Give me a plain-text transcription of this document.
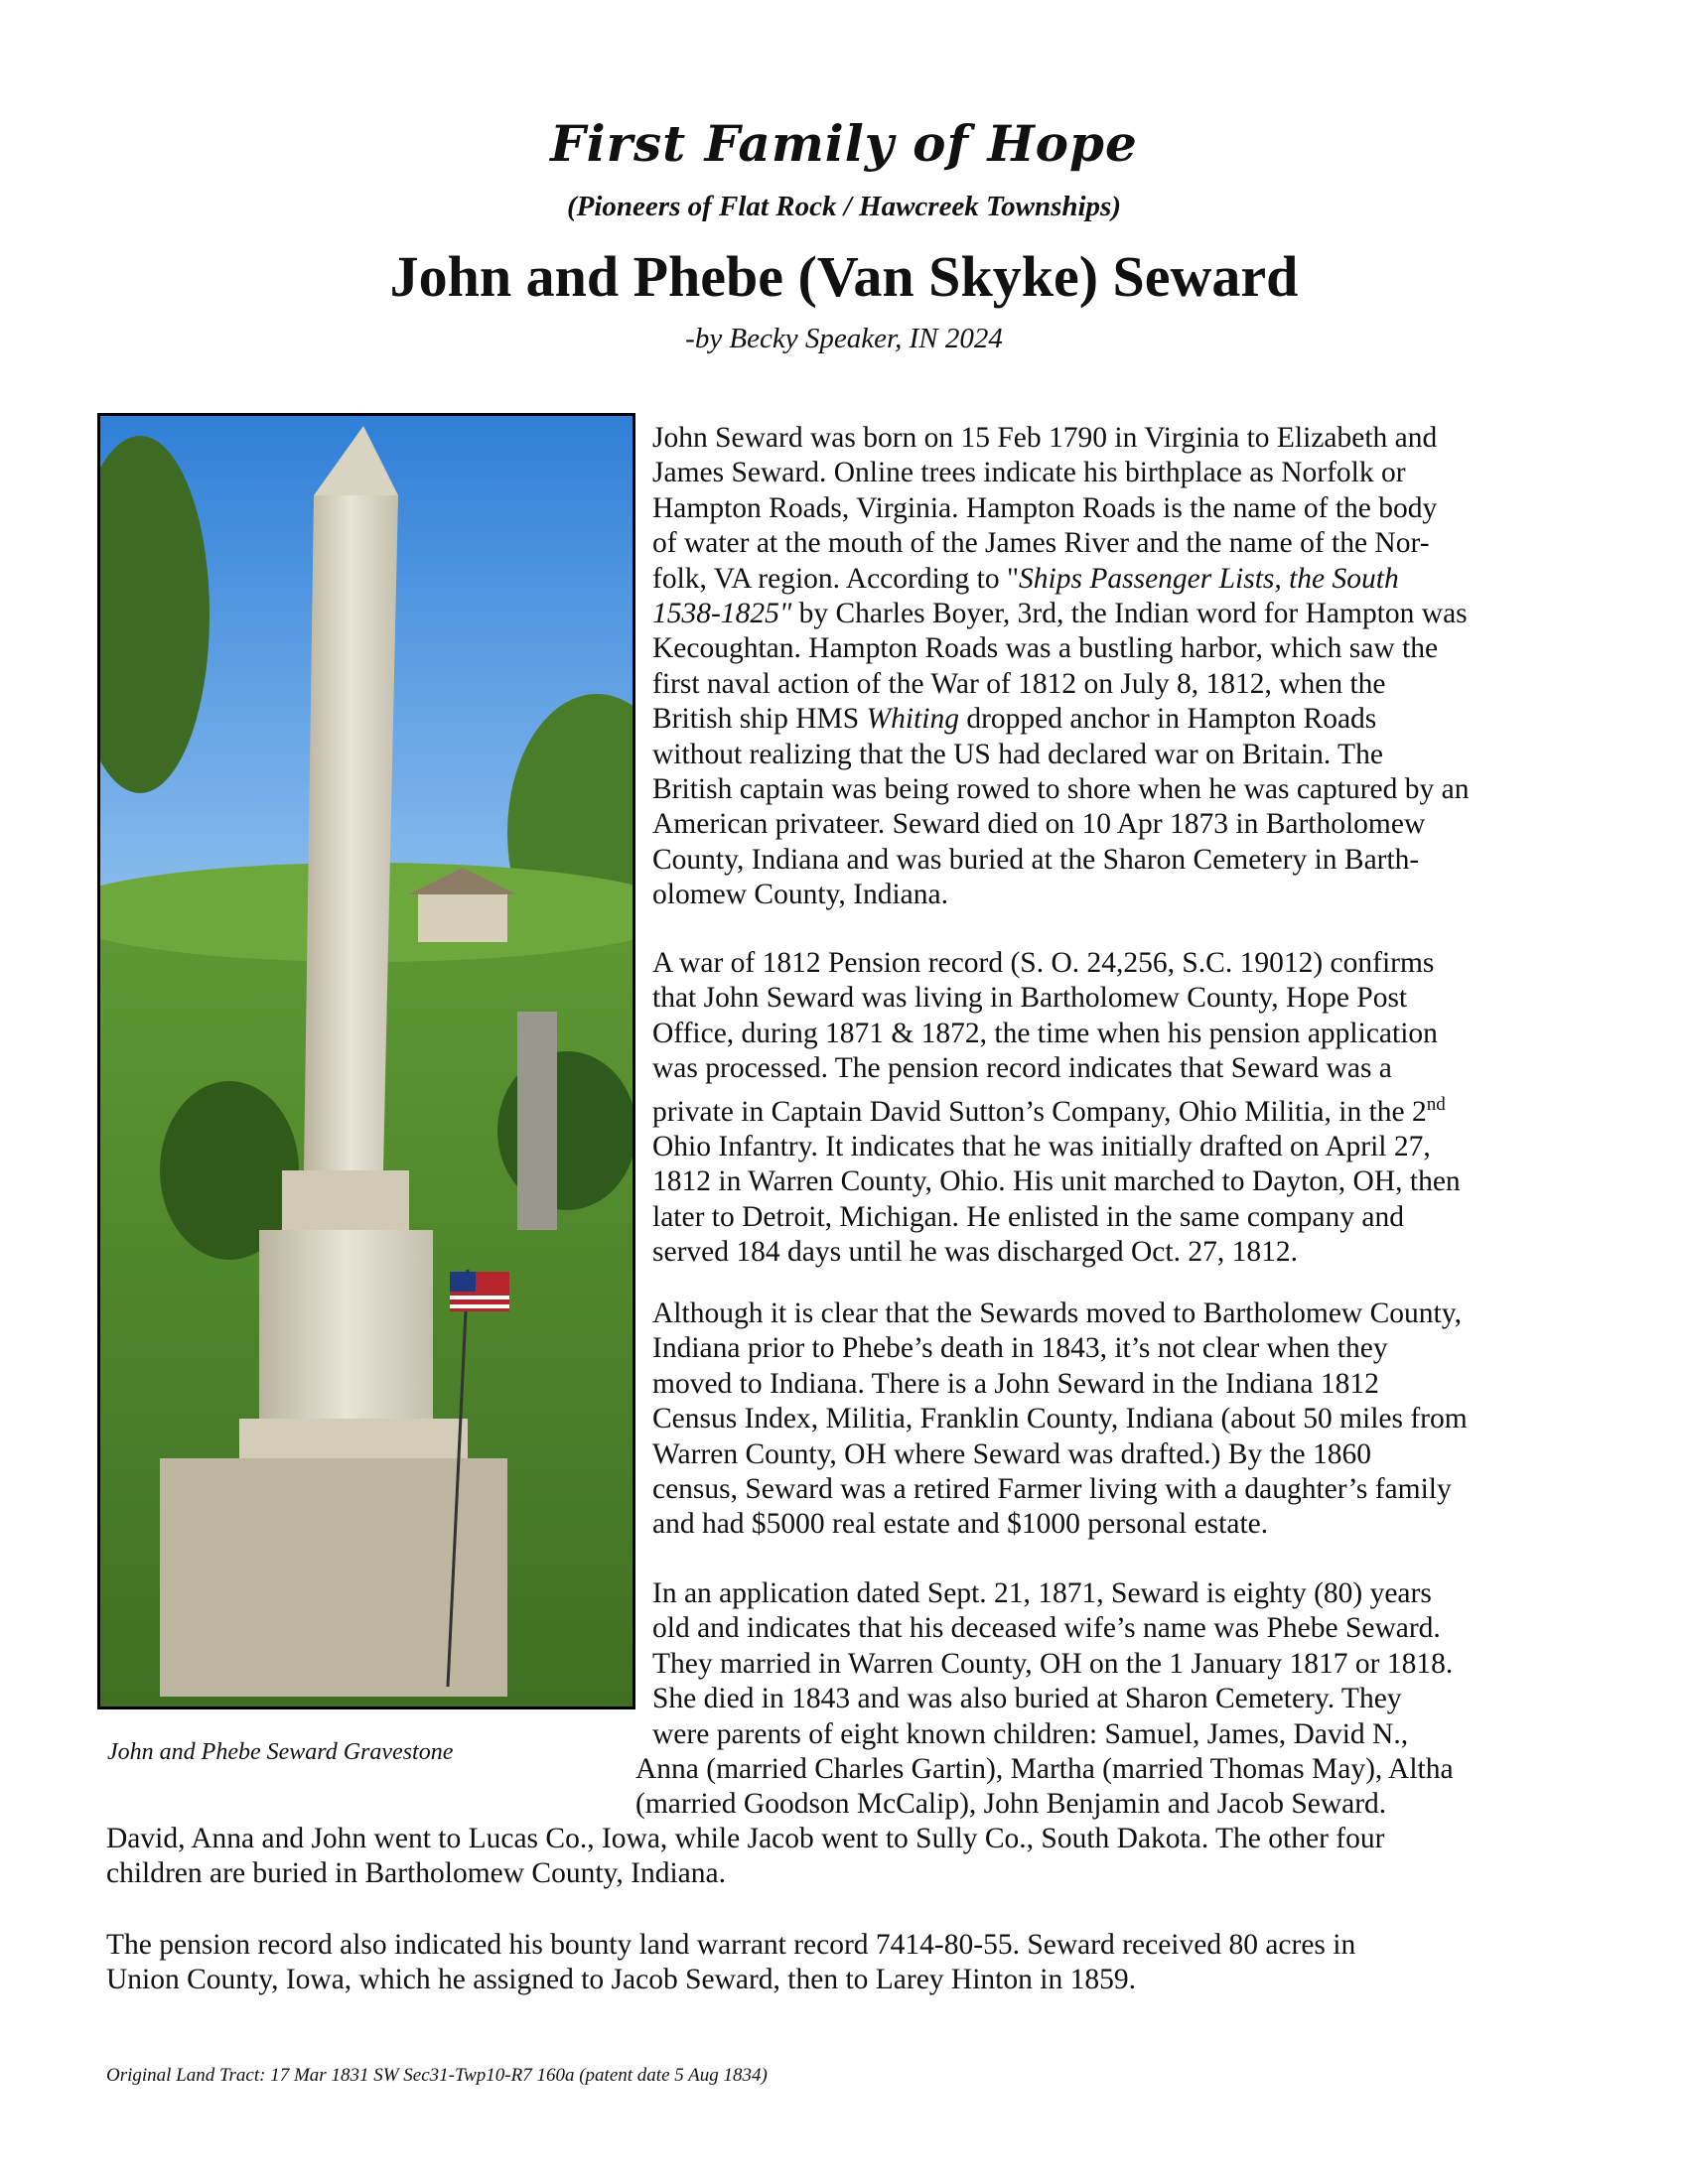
First Family of Hope
(Pioneers of Flat Rock / Hawcreek Townships)
John and Phebe (Van Skyke) Seward

-by Becky Speaker, IN 2024

John and Phebe Seward Gravestone

John Seward was born on 15 Feb 1790 in Virginia to Elizabeth and
James Seward. Online trees indicate his birthplace as Norfolk or
Hampton Roads, Virginia. Hampton Roads is the name of the body
of water at the mouth of the James River and the name of the Nor-
folk, VA region. According to "Ships Passenger Lists, the South
1538-1825" by Charles Boyer, 3rd, the Indian word for Hampton was
Kecoughtan. Hampton Roads was a bustling harbor, which saw the
first naval action of the War of 1812 on July 8, 1812, when the
British ship HMS Whiting dropped anchor in Hampton Roads
without realizing that the US had declared war on Britain. The
British captain was being rowed to shore when he was captured by an
American privateer. Seward died on 10 Apr 1873 in Bartholomew
County, Indiana and was buried at the Sharon Cemetery in Barth-
olomew County, Indiana.
A war of 1812 Pension record (S. O. 24,256, S.C. 19012) confirms
that John Seward was living in Bartholomew County, Hope Post
Office, during 1871 & 1872, the time when his pension application
was processed. The pension record indicates that Seward was a
private in Captain David Sutton’s Company, Ohio Militia, in the 2nd
Ohio Infantry. It indicates that he was initially drafted on April 27,
1812 in Warren County, Ohio. His unit marched to Dayton, OH, then
later to Detroit, Michigan. He enlisted in the same company and
served 184 days until he was discharged Oct. 27, 1812.
Although it is clear that the Sewards moved to Bartholomew County,
Indiana prior to Phebe’s death in 1843, it’s not clear when they
moved to Indiana. There is a John Seward in the Indiana 1812
Census Index, Militia, Franklin County, Indiana (about 50 miles from
Warren County, OH where Seward was drafted.) By the 1860
census, Seward was a retired Farmer living with a daughter’s family
and had $5000 real estate and $1000 personal estate.
In an application dated Sept. 21, 1871, Seward is eighty (80) years
old and indicates that his deceased wife’s name was Phebe Seward.
They married in Warren County, OH on the 1 January 1817 or 1818.
She died in 1843 and was also buried at Sharon Cemetery. They
were parents of eight known children: Samuel, James, David N.,
Anna (married Charles Gartin), Martha (married Thomas May), Altha
(married Goodson McCalip), John Benjamin and Jacob Seward.
David, Anna and John went to Lucas Co., Iowa, while Jacob went to Sully Co., South Dakota. The other four
children are buried in Bartholomew County, Indiana.
The pension record also indicated his bounty land warrant record 7414-80-55. Seward received 80 acres in
Union County, Iowa, which he assigned to Jacob Seward, then to Larey Hinton in 1859.

Original Land Tract: 17 Mar 1831 SW Sec31-Twp10-R7 160a (patent date 5 Aug 1834)
